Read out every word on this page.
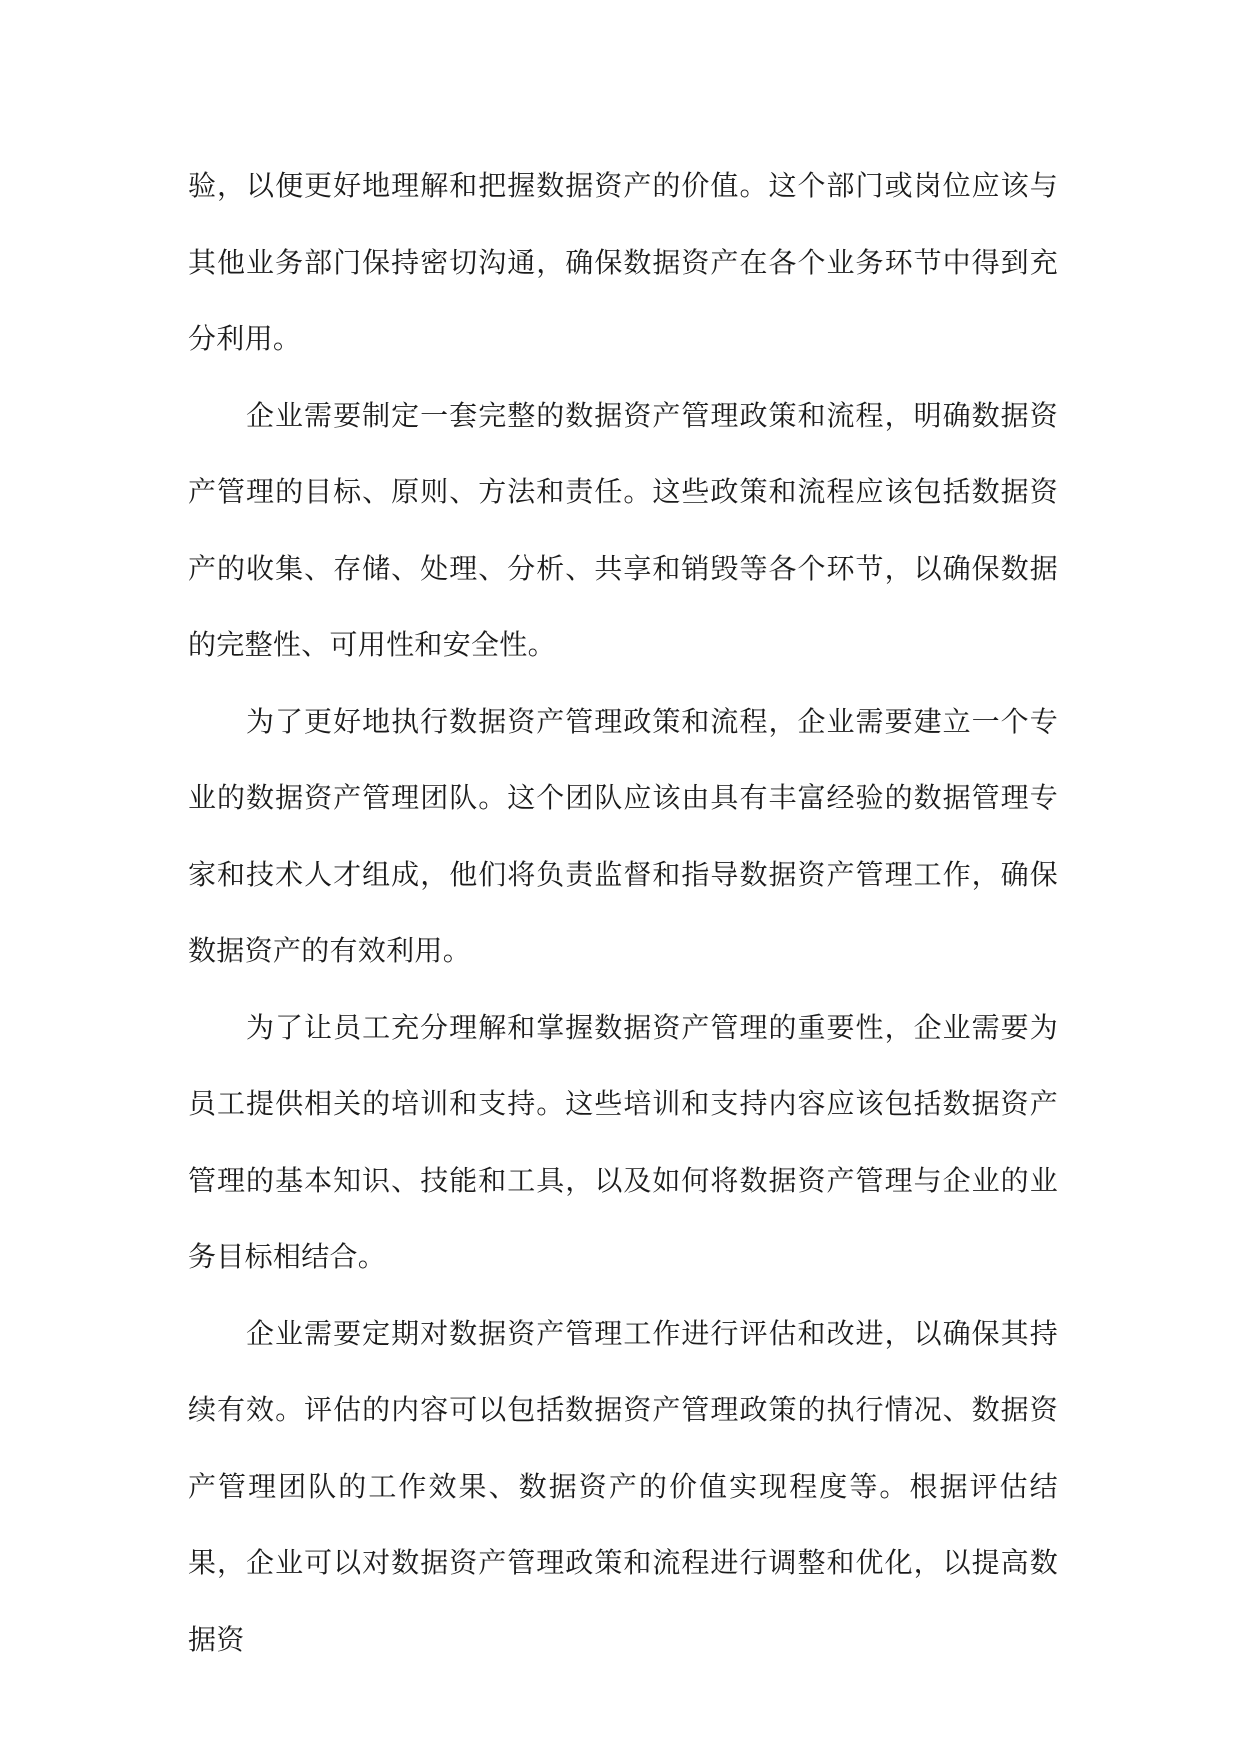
验，以便更好地理解和把握数据资产的价值。这个部门或岗位应该与其他业务部门保持密切沟通，确保数据资产在各个业务环节中得到充分利用。

企业需要制定一套完整的数据资产管理政策和流程，明确数据资产管理的目标、原则、方法和责任。这些政策和流程应该包括数据资产的收集、存储、处理、分析、共享和销毁等各个环节，以确保数据的完整性、可用性和安全性。

为了更好地执行数据资产管理政策和流程，企业需要建立一个专业的数据资产管理团队。这个团队应该由具有丰富经验的数据管理专家和技术人才组成，他们将负责监督和指导数据资产管理工作，确保数据资产的有效利用。

为了让员工充分理解和掌握数据资产管理的重要性，企业需要为员工提供相关的培训和支持。这些培训和支持内容应该包括数据资产管理的基本知识、技能和工具，以及如何将数据资产管理与企业的业务目标相结合。

企业需要定期对数据资产管理工作进行评估和改进，以确保其持续有效。评估的内容可以包括数据资产管理政策的执行情况、数据资产管理团队的工作效果、数据资产的价值实现程度等。根据评估结果，企业可以对数据资产管理政策和流程进行调整和优化，以提高数据资
